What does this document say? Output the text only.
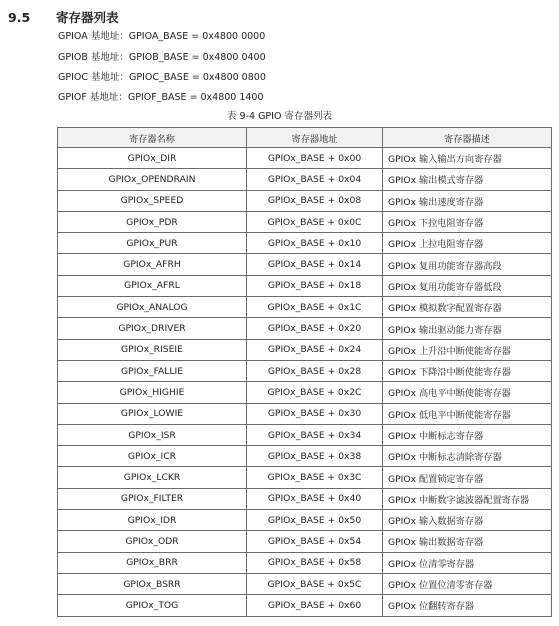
9.5	寄存器列表
GPIOA 基地址：GPIOA_BASE = 0x4800 0000
GPIOB 基地址：GPIOB_BASE = 0x4800 0400
GPIOC 基地址：GPIOC_BASE = 0x4800 0800
GPIOF 基地址：GPIOF_BASE = 0x4800 1400
表 9-4 GPIO 寄存器列表
寄存器名称	寄存器地址	寄存器描述
GPIOx_DIR	GPIOx_BASE + 0x00	GPIOx 输入输出方向寄存器
GPIOx_OPENDRAIN	GPIOx_BASE + 0x04	GPIOx 输出模式寄存器
GPIOx_SPEED	GPIOx_BASE + 0x08	GPIOx 输出速度寄存器
GPIOx_PDR	GPIOx_BASE + 0x0C	GPIOx 下拉电阻寄存器
GPIOx_PUR	GPIOx_BASE + 0x10	GPIOx 上拉电阻寄存器
GPIOx_AFRH	GPIOx_BASE + 0x14	GPIOx 复用功能寄存器高段
GPIOx_AFRL	GPIOx_BASE + 0x18	GPIOx 复用功能寄存器低段
GPIOx_ANALOG	GPIOx_BASE + 0x1C	GPIOx 模拟数字配置寄存器
GPIOx_DRIVER	GPIOx_BASE + 0x20	GPIOx 输出驱动能力寄存器
GPIOx_RISEIE	GPIOx_BASE + 0x24	GPIOx 上升沿中断使能寄存器
GPIOx_FALLIE	GPIOx_BASE + 0x28	GPIOx 下降沿中断使能寄存器
GPIOx_HIGHIE	GPIOx_BASE + 0x2C	GPIOx 高电平中断使能寄存器
GPIOx_LOWIE	GPIOx_BASE + 0x30	GPIOx 低电平中断使能寄存器
GPIOx_ISR	GPIOx_BASE + 0x34	GPIOx 中断标志寄存器
GPIOx_ICR	GPIOx_BASE + 0x38	GPIOx 中断标志清除寄存器
GPIOx_LCKR	GPIOx_BASE + 0x3C	GPIOx 配置锁定寄存器
GPIOx_FILTER	GPIOx_BASE + 0x40	GPIOx 中断数字滤波器配置寄存器
GPIOx_IDR	GPIOx_BASE + 0x50	GPIOx 输入数据寄存器
GPIOx_ODR	GPIOx_BASE + 0x54	GPIOx 输出数据寄存器
GPIOx_BRR	GPIOx_BASE + 0x58	GPIOx 位清零寄存器
GPIOx_BSRR	GPIOx_BASE + 0x5C	GPIOx 位置位清零寄存器
GPIOx_TOG	GPIOx_BASE + 0x60	GPIOx 位翻转寄存器
